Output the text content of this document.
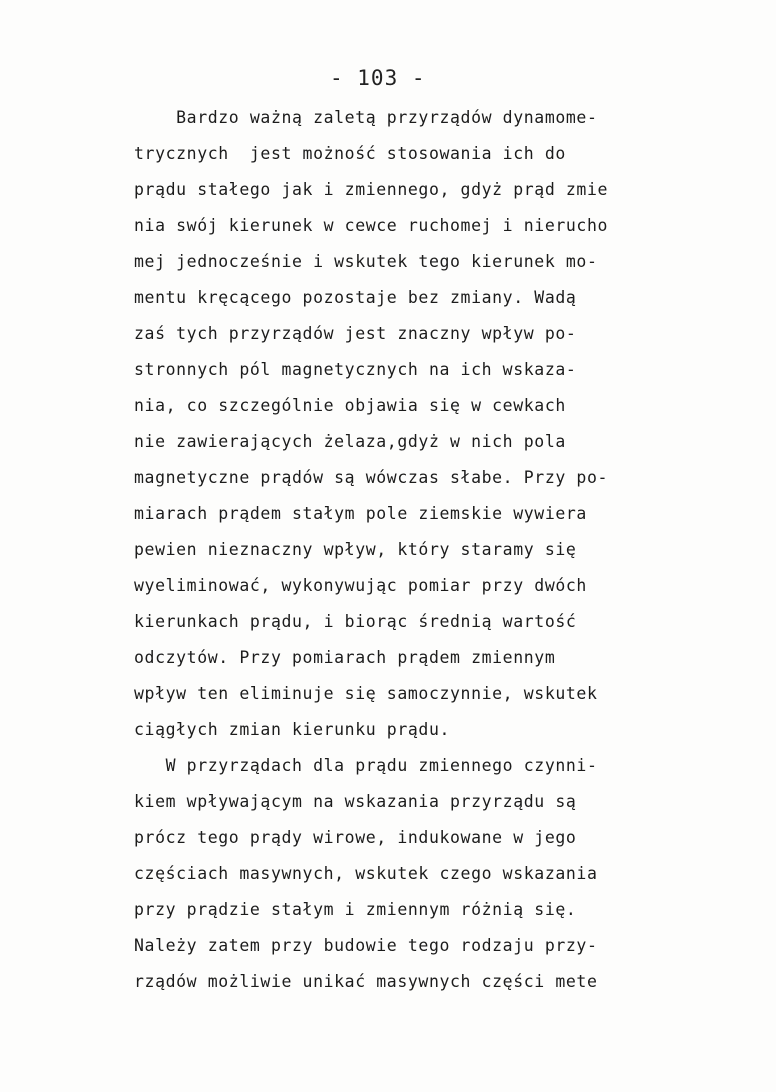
- 103 -
Bardzo ważną zaletą przyrządów dynamome-
trycznych  jest możność stosowania ich do
prądu stałego jak i zmiennego, gdyż prąd zmie
nia swój kierunek w cewce ruchomej i nierucho
mej jednocześnie i wskutek tego kierunek mo-
mentu kręcącego pozostaje bez zmiany. Wadą
zaś tych przyrządów jest znaczny wpływ po-
stronnych pól magnetycznych na ich wskaza-
nia, co szczególnie objawia się w cewkach
nie zawierających żelaza,gdyż w nich pola
magnetyczne prądów są wówczas słabe. Przy po-
miarach prądem stałym pole ziemskie wywiera
pewien nieznaczny wpływ, który staramy się
wyeliminować, wykonywując pomiar przy dwóch
kierunkach prądu, i biorąc średnią wartość
odczytów. Przy pomiarach prądem zmiennym
wpływ ten eliminuje się samoczynnie, wskutek
ciągłych zmian kierunku prądu.
W przyrządach dla prądu zmiennego czynni-
kiem wpływającym na wskazania przyrządu są
prócz tego prądy wirowe, indukowane w jego
częściach masywnych, wskutek czego wskazania
przy prądzie stałym i zmiennym różnią się.
Należy zatem przy budowie tego rodzaju przy-
rządów możliwie unikać masywnych części mete
